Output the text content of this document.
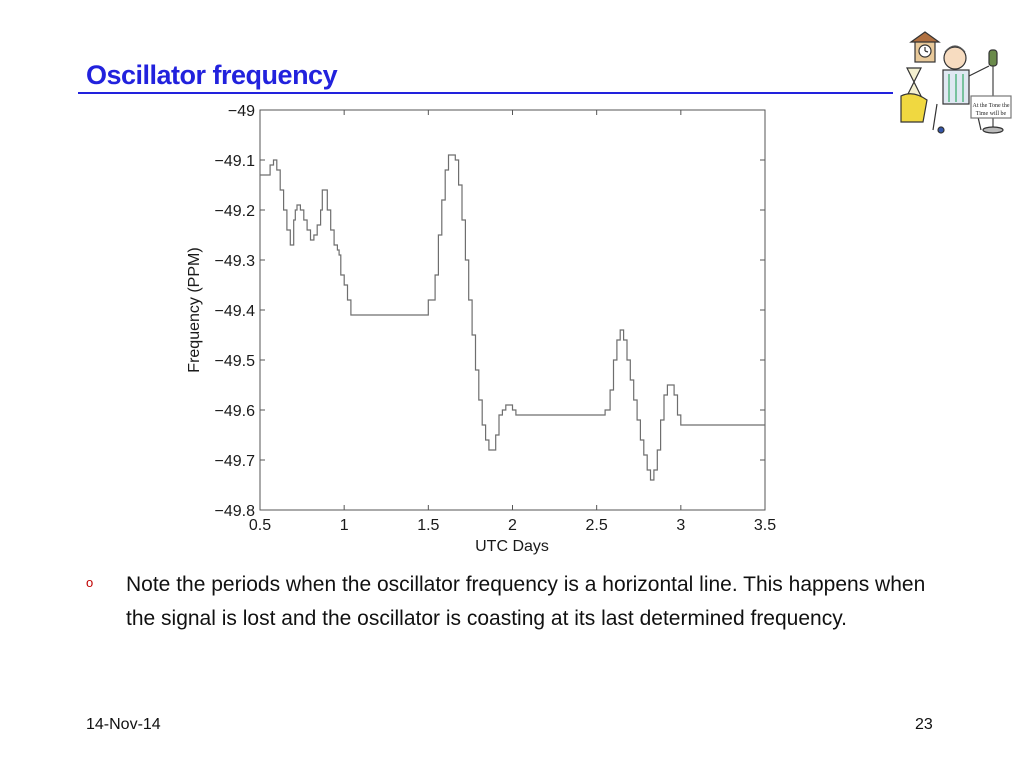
Oscillator frequency
At the Tone the
Time will be
0.5	1	1.5	2	2.5	3	3.5
−49
−49.1
−49.2
−49.3
−49.4
−49.5
−49.6
−49.7
−49.8
UTC Days
Frequency (PPM)
o Note the periods when the oscillator frequency is a horizontal line. This happens when the signal is lost and the oscillator is coasting at its last determined frequency.
14-Nov-14	23
